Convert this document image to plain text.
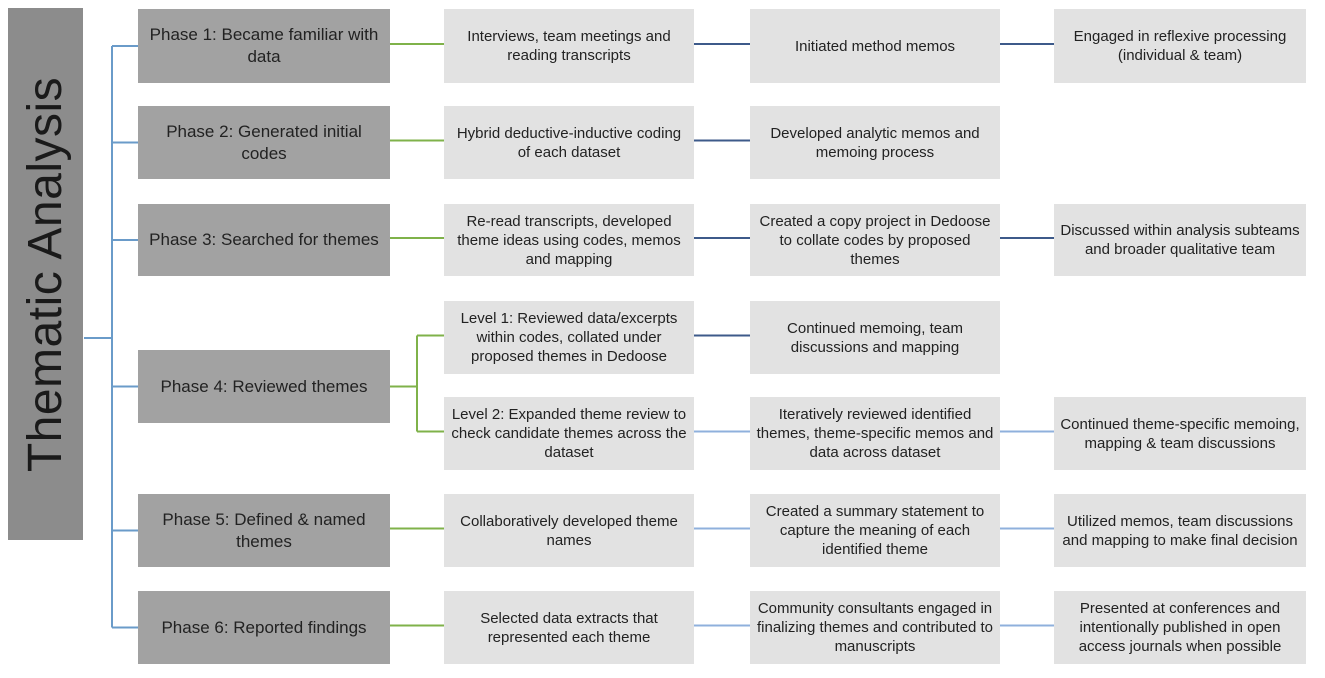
Thematic Analysis
Phase 1: Became familiar with data
Interviews, team meetings and reading transcripts
Initiated method memos
Engaged in reflexive processing (individual & team)
Phase 2: Generated initial codes
Hybrid deductive-inductive coding of each dataset
Developed analytic memos and memoing process
Phase 3: Searched for themes
Re-read transcripts, developed theme ideas using codes, memos and mapping
Created a copy project in Dedoose to collate codes by proposed themes
Discussed within analysis subteams and broader qualitative team
Phase 4: Reviewed themes
Level 1: Reviewed data/excerpts within codes, collated under proposed themes in Dedoose
Continued memoing, team discussions and mapping
Level 2: Expanded theme review to check candidate themes across the dataset
Iteratively reviewed identified themes, theme-specific memos and data across dataset
Continued theme-specific memoing, mapping & team discussions
Phase 5: Defined & named themes
Collaboratively developed theme names
Created a summary statement to capture the meaning of each identified theme
Utilized memos, team discussions and mapping to make final decision
Phase 6: Reported findings	Selected data extracts that represented each theme
Community consultants engaged in finalizing themes and contributed to manuscripts
Presented at conferences and intentionally published in open access journals when possible
